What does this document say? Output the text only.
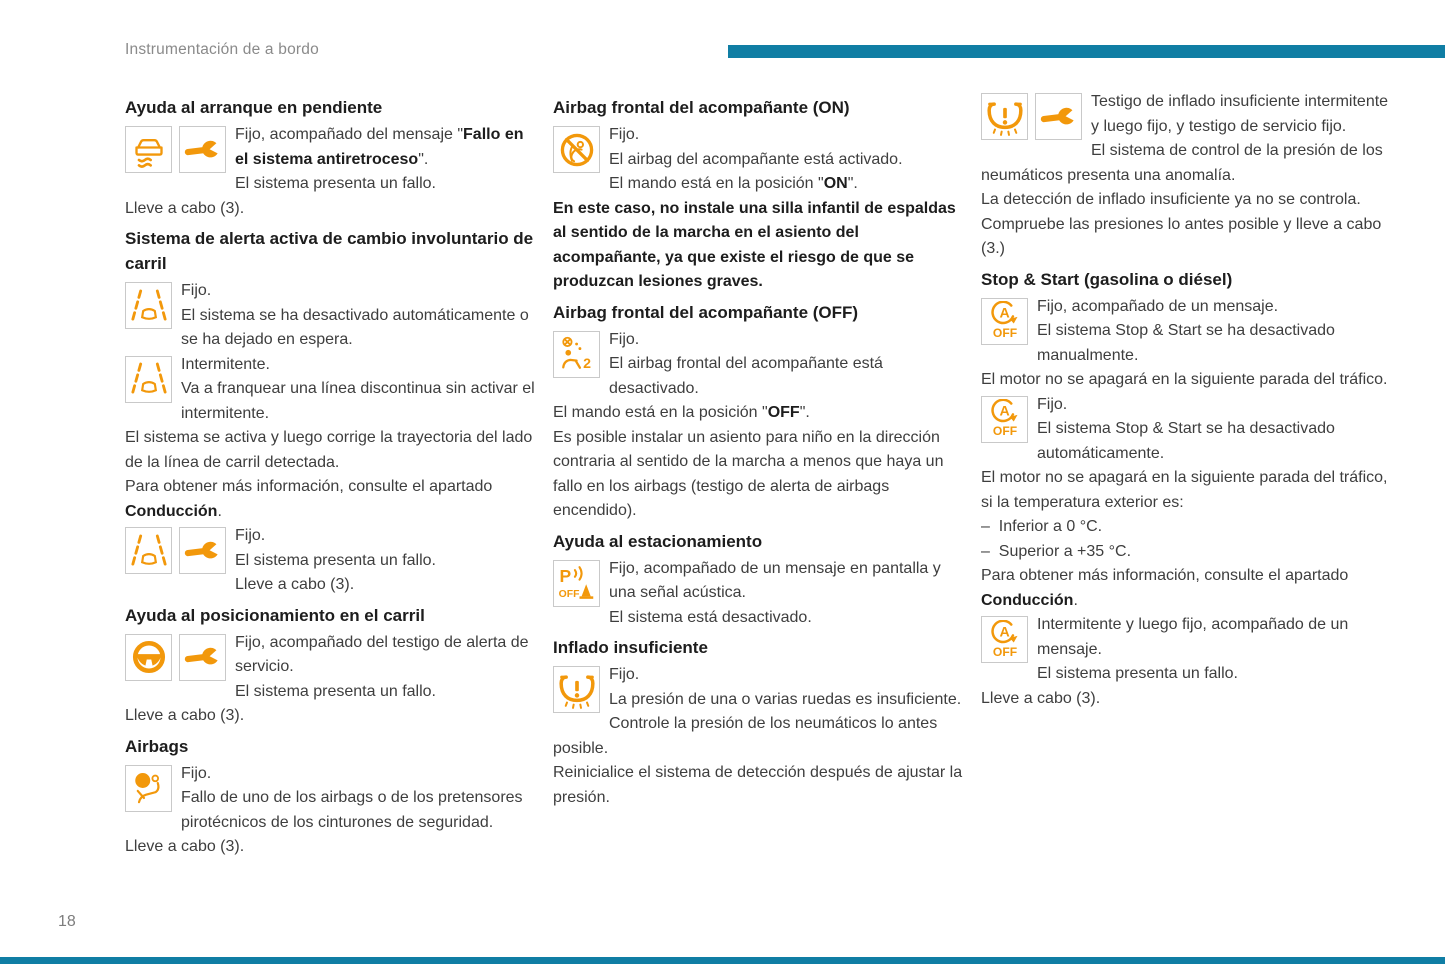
Instrumentación de a bordo
Ayuda al arranque en pendiente

Fijo, acompañado del mensaje "Fallo en el sistema antiretroceso".

El sistema presenta un fallo.

Lleve a cabo (3).

Sistema de alerta activa de cambio involuntario de carril

Fijo.

El sistema se ha desactivado automáticamente o se ha dejado en espera.

Intermitente.

Va a franquear una línea discontinua sin activar el intermitente.

El sistema se activa y luego corrige la trayectoria del lado de la línea de carril detectada.

Para obtener más información, consulte el apartado Conducción.

Fijo.

El sistema presenta un fallo.

Lleve a cabo (3).

Ayuda al posicionamiento en el carril

Fijo, acompañado del testigo de alerta de servicio.

El sistema presenta un fallo.

Lleve a cabo (3).

Airbags

Fijo.

Fallo de uno de los airbags o de los pretensores pirotécnicos de los cinturones de seguridad.

Lleve a cabo (3).

Airbag frontal del acompañante (ON)

Fijo.

El airbag del acompañante está activado.

El mando está en la posición "ON".

En este caso, no instale una silla infantil de espaldas al sentido de la marcha en el asiento del acompañante, ya que existe el riesgo de que se produzcan lesiones graves.

Airbag frontal del acompañante (OFF)
2

Fijo.

El airbag frontal del acompañante está desactivado.

El mando está en la posición "OFF".

Es posible instalar un asiento para niño en la dirección contraria al sentido de la marcha a menos que haya un fallo en los airbags (testigo de alerta de airbags encendido).

Ayuda al estacionamiento
P
OFF

Fijo, acompañado de un mensaje en pantalla y una señal acústica.

El sistema está desactivado.

Inflado insuficiente

Fijo.

La presión de una o varias ruedas es insuficiente.

Controle la presión de los neumáticos lo antes posible.

Reinicialice el sistema de detección después de ajustar la presión.

Testigo de inflado insuficiente intermitente y luego fijo, y testigo de servicio fijo.

El sistema de control de la presión de los neumáticos presenta una anomalía.

La detección de inflado insuficiente ya no se controla.

Compruebe las presiones lo antes posible y lleve a cabo (3.)

Stop & Start (gasolina o diésel)
A
OFF

Fijo, acompañado de un mensaje.

El sistema Stop & Start se ha desactivado manualmente.

El motor no se apagará en la siguiente parada del tráfico.

A
OFF

Fijo.

El sistema Stop & Start se ha desactivado automáticamente.

El motor no se apagará en la siguiente parada del tráfico, si la temperatura exterior es:

–  Inferior a 0 °C.

–  Superior a +35 °C.

Para obtener más información, consulte el apartado Conducción.

A
OFF

Intermitente y luego fijo, acompañado de un mensaje.

El sistema presenta un fallo.

Lleve a cabo (3).

18
